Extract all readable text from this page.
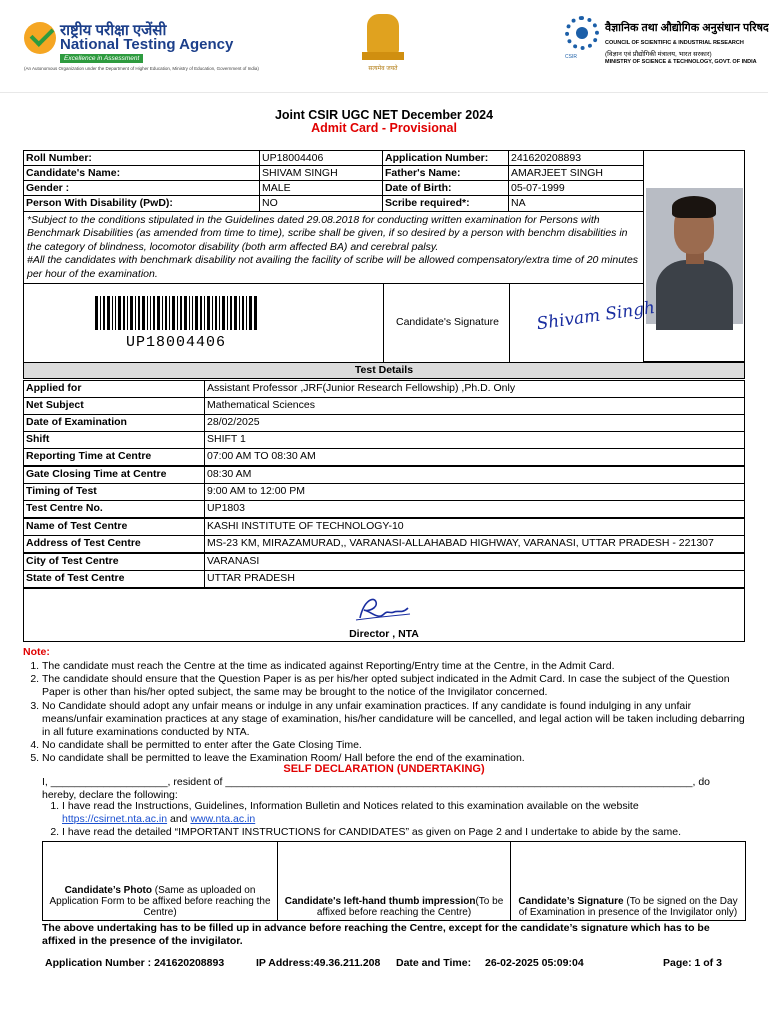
राष्ट्रीय परीक्षा एजेंसी
National Testing Agency
Excellence in Assessment
(An Autonomous Organization under the Department of Higher Education, Ministry of Education, Government of India)	सत्यमेव जयते
CSIR
वैज्ञानिक तथा औद्योगिक अनुसंधान परिषद
COUNCIL OF SCIENTIFIC & INDUSTRIAL RESEARCH
(विज्ञान एवं प्रौद्योगिकी मंत्रालय, भारत सरकार)
MINISTRY OF SCIENCE & TECHNOLOGY, GOVT. OF INDIA
Joint CSIR UGC NET December 2024
Admit Card - Provisional
Roll Number:	UP18004406	Application Number:	241620208893
Candidate's Name:	SHIVAM SINGH	Father's Name:	AMARJEET SINGH
Gender :	MALE	Date of Birth:	05-07-1999
Person With Disability (PwD):	NO	Scribe required*:	NA
*Subject to the conditions stipulated in the Guidelines dated 29.08.2018 for conducting written examination for Persons with Benchmark Disabilities (as amended from time to time), scribe shall be given, if so desired by a person with benchm disabilities in the category of blindness, locomotor disability (both arm affected BA) and cerebral palsy.
#All the candidates with benchmark disability not availing the facility of scribe will be allowed compensatory/extra time of 20 minutes per hour of the examination.
UP18004406
Candidate's Signature	Shivam Singh
Test Details
Applied for	Assistant Professor ,JRF(Junior Research Fellowship) ,Ph.D. Only
Net Subject	Mathematical Sciences
Date of Examination	28/02/2025
Shift	SHIFT 1
Reporting Time at Centre	07:00 AM TO 08:30 AM
Gate Closing Time at Centre	08:30 AM
Timing of Test	9:00 AM to 12:00 PM
Test Centre No.	UP1803
Name of Test Centre	KASHI INSTITUTE OF TECHNOLOGY-10
Address of Test Centre	MS-23 KM, MIRAZAMURAD,, VARANASI-ALLAHABAD HIGHWAY, VARANASI, UTTAR PRADESH - 221307
City of Test Centre	VARANASI
State of Test Centre	UTTAR PRADESH
Director , NTA
Note:
1. The candidate must reach the Centre at the time as indicated against Reporting/Entry time at the Centre, in the Admit Card.
2. The candidate should ensure that the Question Paper is as per his/her opted subject indicated in the Admit Card. In case the subject of the Question Paper is other than his/her opted subject, the same may be brought to the notice of the Invigilator concerned.
3. No Candidate should adopt any unfair means or indulge in any unfair examination practices. If any candidate is found indulging in any unfair means/unfair examination practices at any stage of examination, his/her candidature will be cancelled, and legal action will be taken including debarring in all future examinations conducted by NTA.
4. No candidate shall be permitted to enter after the Gate Closing Time.
5. No candidate shall be permitted to leave the Examination Room/ Hall before the end of the examination.
SELF DECLARATION (UNDERTAKING)
I, ____________________, resident of ________________________________________________________________________________, do hereby, declare the following:
1. I have read the Instructions, Guidelines, Information Bulletin and Notices related to this examination available on the website
https://csirnet.nta.ac.in and www.nta.ac.in
2. I have read the detailed “IMPORTANT INSTRUCTIONS for CANDIDATES” as given on Page 2 and I undertake to abide by the same.
Candidate’s Photo (Same as uploaded on Application Form to be affixed before reaching the Centre)
Candidate's left-hand thumb impression(To be affixed before reaching the Centre)
Candidate’s Signature (To be signed on the Day of Examination in presence of the Invigilator only)
The above undertaking has to be filled up in advance before reaching the Centre, except for the candidate’s signature which has to be affixed in the presence of the invigilator.
Application Number : 241620208893	IP Address:49.36.211.208 Date and Time: 26-02-2025 05:09:04	Page: 1 of 3
